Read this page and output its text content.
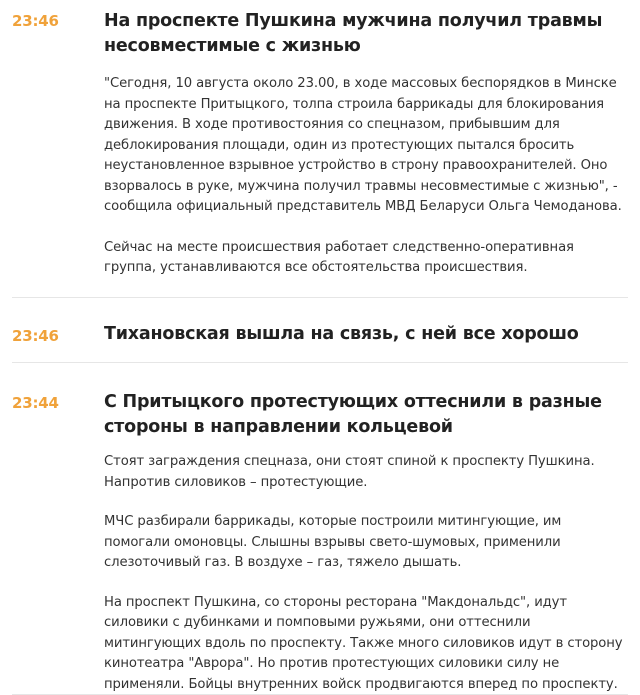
23:46	На проспекте Пушкина мужчина получил травмы несовместимые с жизнью

"Сегодня, 10 августа около 23.00, в ходе массовых беспорядков в Минске на проспекте Притыцкого, толпа строила баррикады для блокирования движения. В ходе противостояния со спецназом, прибывшим для деблокирования площади, один из протестующих пытался бросить неустановленное взрывное устройство в строну правоохранителей. Оно взорвалось в руке, мужчина получил травмы несовместимые с жизнью", - сообщила официальный представитель МВД Беларуси Ольга Чемоданова.

Сейчас на месте происшествия работает следственно-оперативная группа, устанавливаются все обстоятельства происшествия.

23:46	Тихановская вышла на связь, с ней все хорошо
23:44	С Притыцкого протестующих оттеснили в разные стороны в направлении кольцевой

Стоят заграждения спецназа, они стоят спиной к проспекту Пушкина. Напротив силовиков – протестующие.

МЧС разбирали баррикады, которые построили митингующие, им помогали омоновцы. Слышны взрывы свето-шумовых, применили слезоточивый газ. В воздухе – газ, тяжело дышать.

На проспект Пушкина, со стороны ресторана "Макдональдс", идут силовики с дубинками и помповыми ружьями, они оттеснили митингующих вдоль по проспекту. Также много силовиков идут в сторону кинотеатра "Аврора". Но против протестующих силовики силу не применяли. Бойцы внутренних войск продвигаются вперед по проспекту.
